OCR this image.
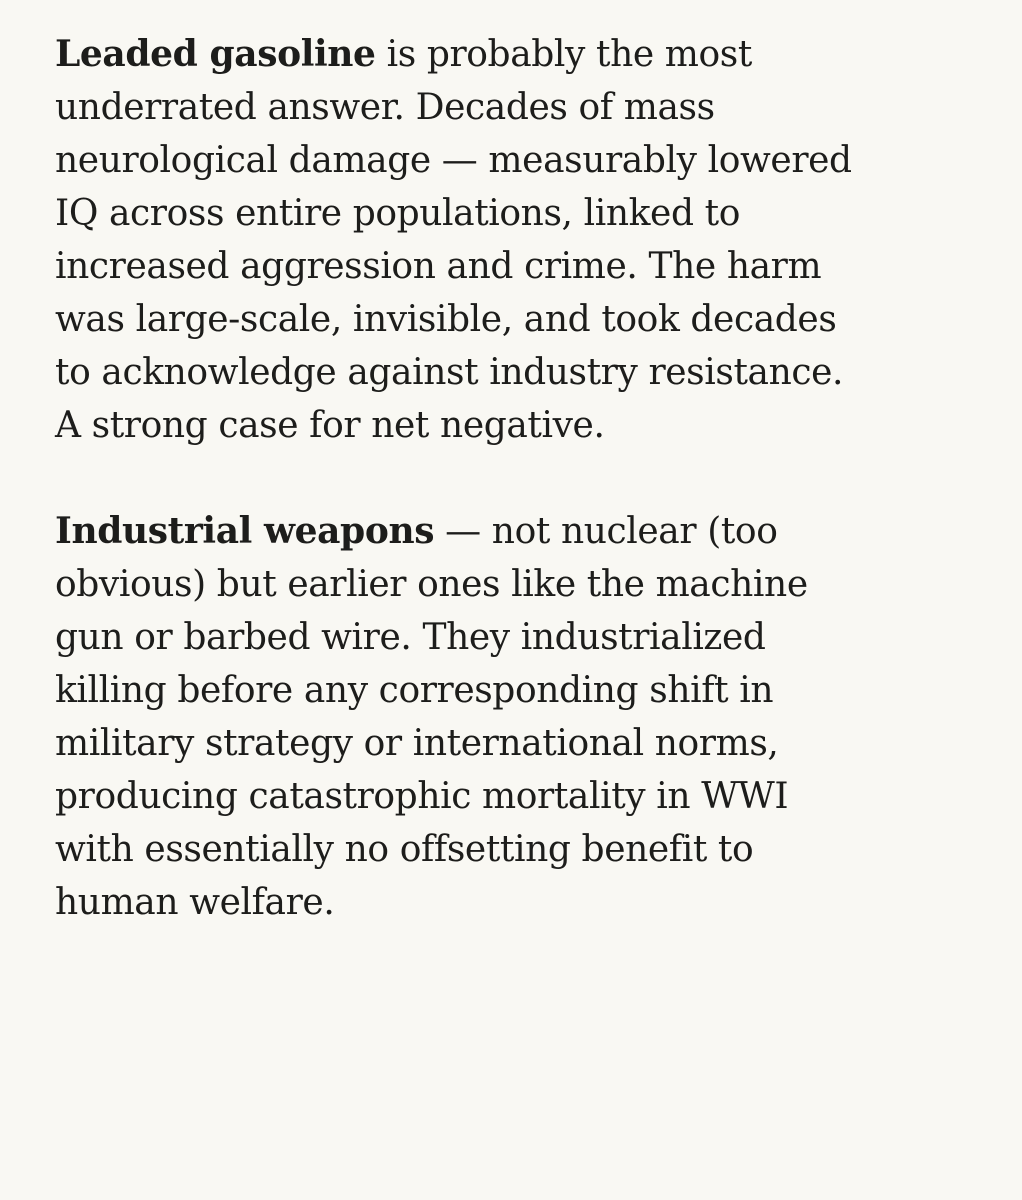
Leaded gasoline is probably the most
underrated answer. Decades of mass
neurological damage — measurably lowered
IQ across entire populations, linked to
increased aggression and crime. The harm
was large-scale, invisible, and took decades
to acknowledge against industry resistance.
A strong case for net negative.

Industrial weapons — not nuclear (too
obvious) but earlier ones like the machine
gun or barbed wire. They industrialized
killing before any corresponding shift in
military strategy or international norms,
producing catastrophic mortality in WWI
with essentially no offsetting benefit to
human welfare.
